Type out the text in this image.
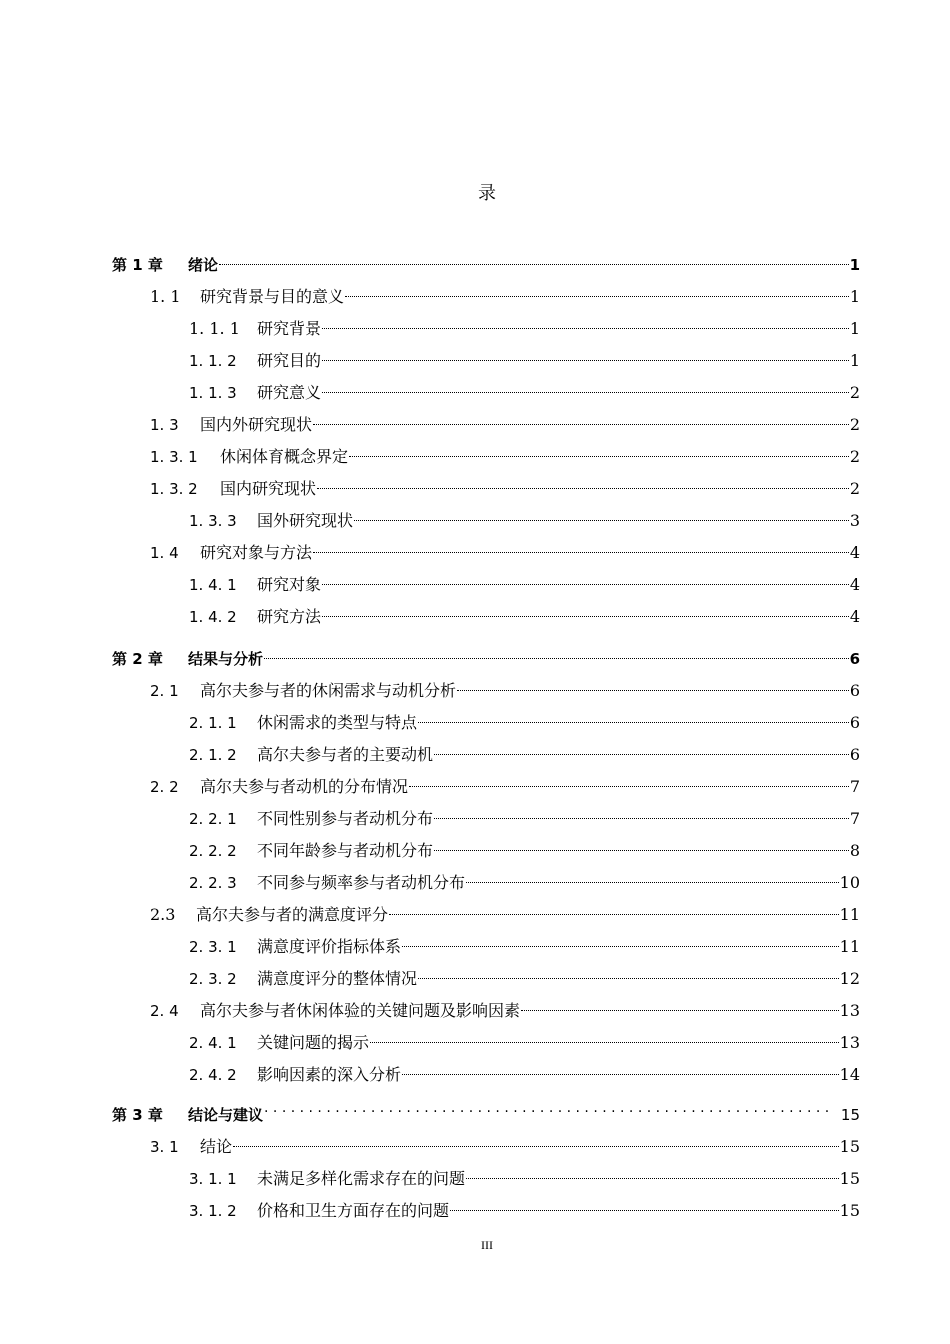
录
第 1 章	绪论	1
1. 1	研究背景与目的意义	1
1. 1. 1	研究背景	1
1. 1. 2	研究目的	1
1. 1. 3	研究意义	2
1. 3	国内外研究现状	2
1. 3. 1	休闲体育概念界定	2
1. 3. 2	国内研究现状	2
1. 3. 3	国外研究现状	3
1. 4	研究对象与方法	4
1. 4. 1	研究对象	4
1. 4. 2	研究方法	4
第 2 章	结果与分析	6
2. 1	高尔夫参与者的休闲需求与动机分析	6
2. 1. 1	休闲需求的类型与特点	6
2. 1. 2	高尔夫参与者的主要动机	6
2. 2	高尔夫参与者动机的分布情况	7
2. 2. 1	不同性别参与者动机分布	7
2. 2. 2	不同年龄参与者动机分布	8
2. 2. 3	不同参与频率参与者动机分布	10
2.3	高尔夫参与者的满意度评分	11
2. 3. 1	满意度评价指标体系	11
2. 3. 2	满意度评分的整体情况	12
2. 4	高尔夫参与者休闲体验的关键问题及影响因素	13
2. 4. 1	关键问题的揭示	13
2. 4. 2	影响因素的深入分析	14
第 3 章	结论与建议
. . .	15
3. 1	结论	15
3. 1. 1	未满足多样化需求存在的问题	15
3. 1. 2	价格和卫生方面存在的问题	15
III
